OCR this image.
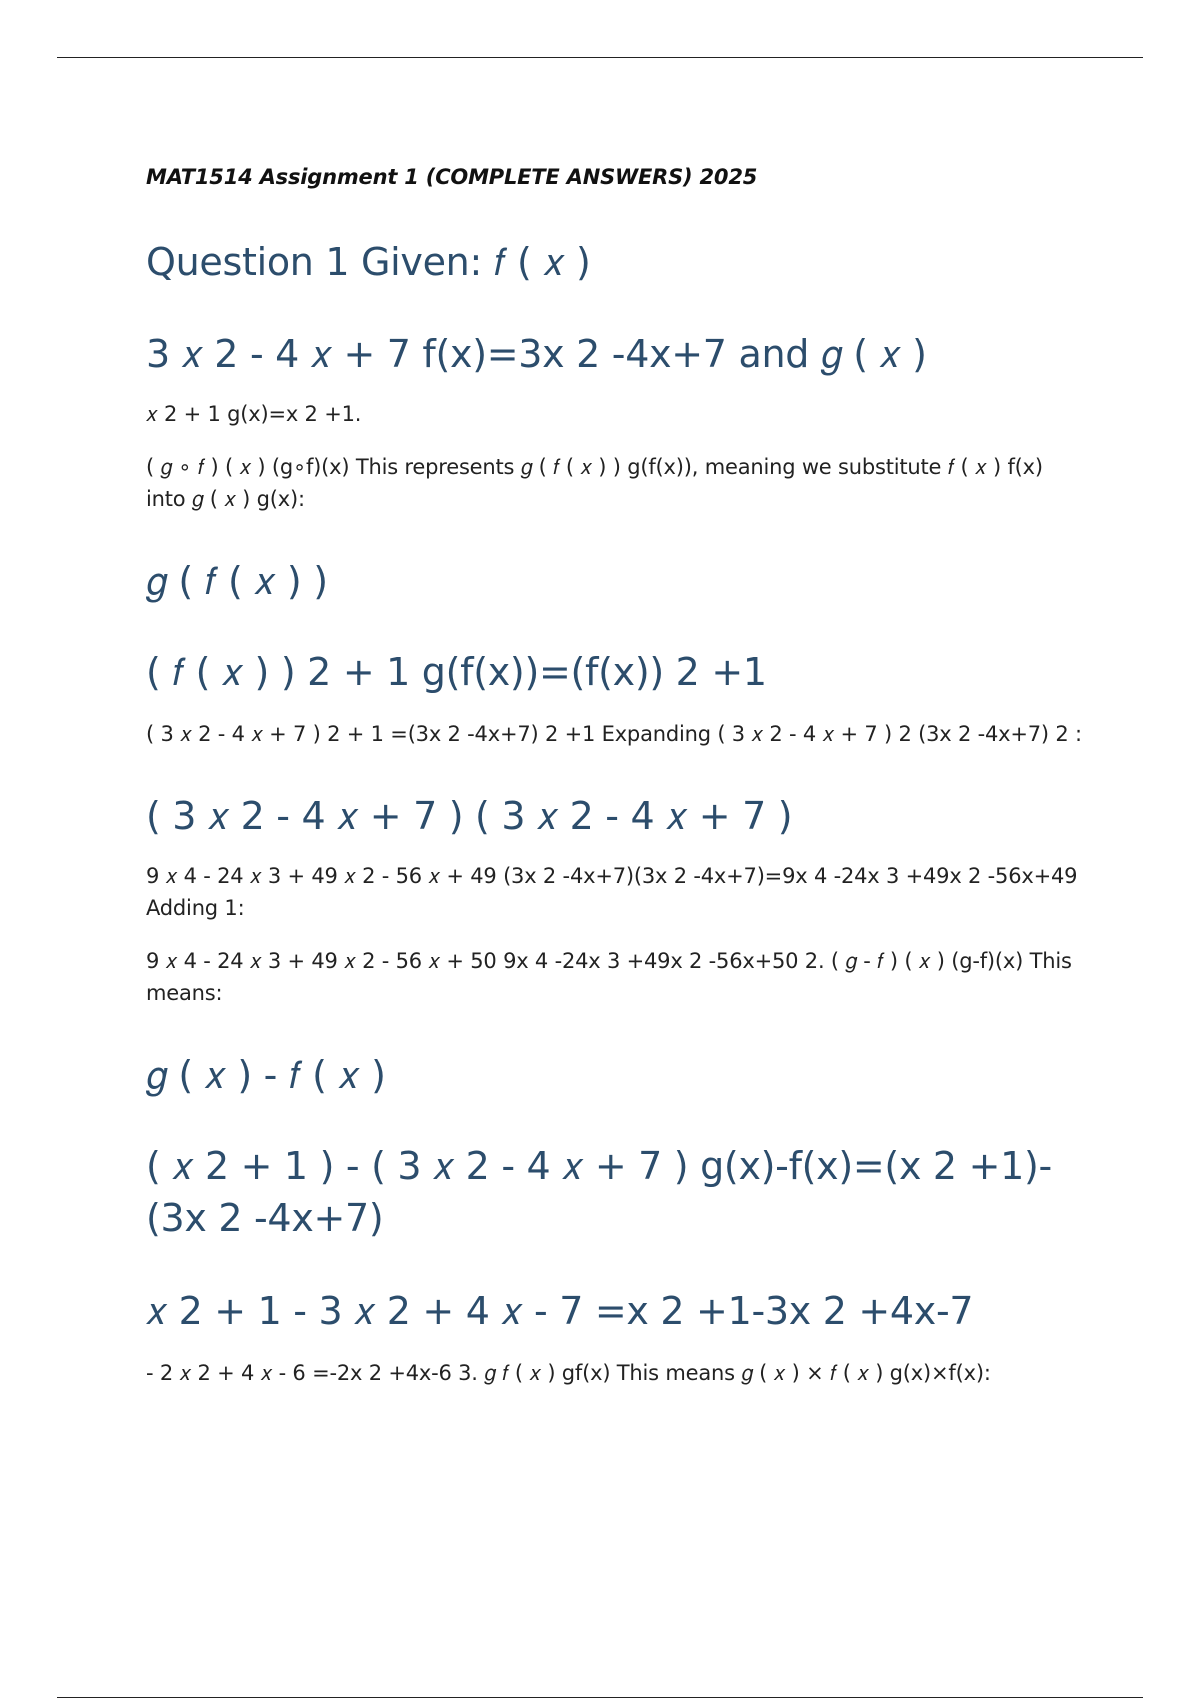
MAT1514 Assignment 1 (COMPLETE ANSWERS) 2025
Question 1 Given: 𝑓 ( 𝑥 )
3 𝑥 2 - 4 𝑥 + 7 f(x)=3x 2 -4x+7 and 𝑔 ( 𝑥 )
𝑥 2 + 1 g(x)=x 2 +1.
( 𝑔 ∘ 𝑓 ) ( 𝑥 ) (g∘f)(x) This represents 𝑔 ( 𝑓 ( 𝑥 ) ) g(f(x)), meaning we substitute 𝑓 ( 𝑥 ) f(x) into 𝑔 ( 𝑥 ) g(x):
𝑔 ( 𝑓 ( 𝑥 ) )
( 𝑓 ( 𝑥 ) ) 2 + 1 g(f(x))=(f(x)) 2 +1
( 3 𝑥 2 - 4 𝑥 + 7 ) 2 + 1 =(3x 2 -4x+7) 2 +1 Expanding ( 3 𝑥 2 - 4 𝑥 + 7 ) 2 (3x 2 -4x+7) 2 :
( 3 𝑥 2 - 4 𝑥 + 7 ) ( 3 𝑥 2 - 4 𝑥 + 7 )
9 𝑥 4 - 24 𝑥 3 + 49 𝑥 2 - 56 𝑥 + 49 (3x 2 -4x+7)(3x 2 -4x+7)=9x 4 -24x 3 +49x 2 -56x+49 Adding 1:
9 𝑥 4 - 24 𝑥 3 + 49 𝑥 2 - 56 𝑥 + 50 9x 4 -24x 3 +49x 2 -56x+50 2. ( 𝑔 - 𝑓 ) ( 𝑥 ) (g-f)(x) This means:
𝑔 ( 𝑥 ) - 𝑓 ( 𝑥 )
( 𝑥 2 + 1 ) - ( 3 𝑥 2 - 4 𝑥 + 7 ) g(x)-f(x)=(x 2 +1)-(3x 2 -4x+7)
𝑥 2 + 1 - 3 𝑥 2 + 4 𝑥 - 7 =x 2 +1-3x 2 +4x-7
- 2 𝑥 2 + 4 𝑥 - 6 =-2x 2 +4x-6 3. 𝑔 𝑓 ( 𝑥 ) gf(x) This means 𝑔 ( 𝑥 ) × 𝑓 ( 𝑥 ) g(x)×f(x):
